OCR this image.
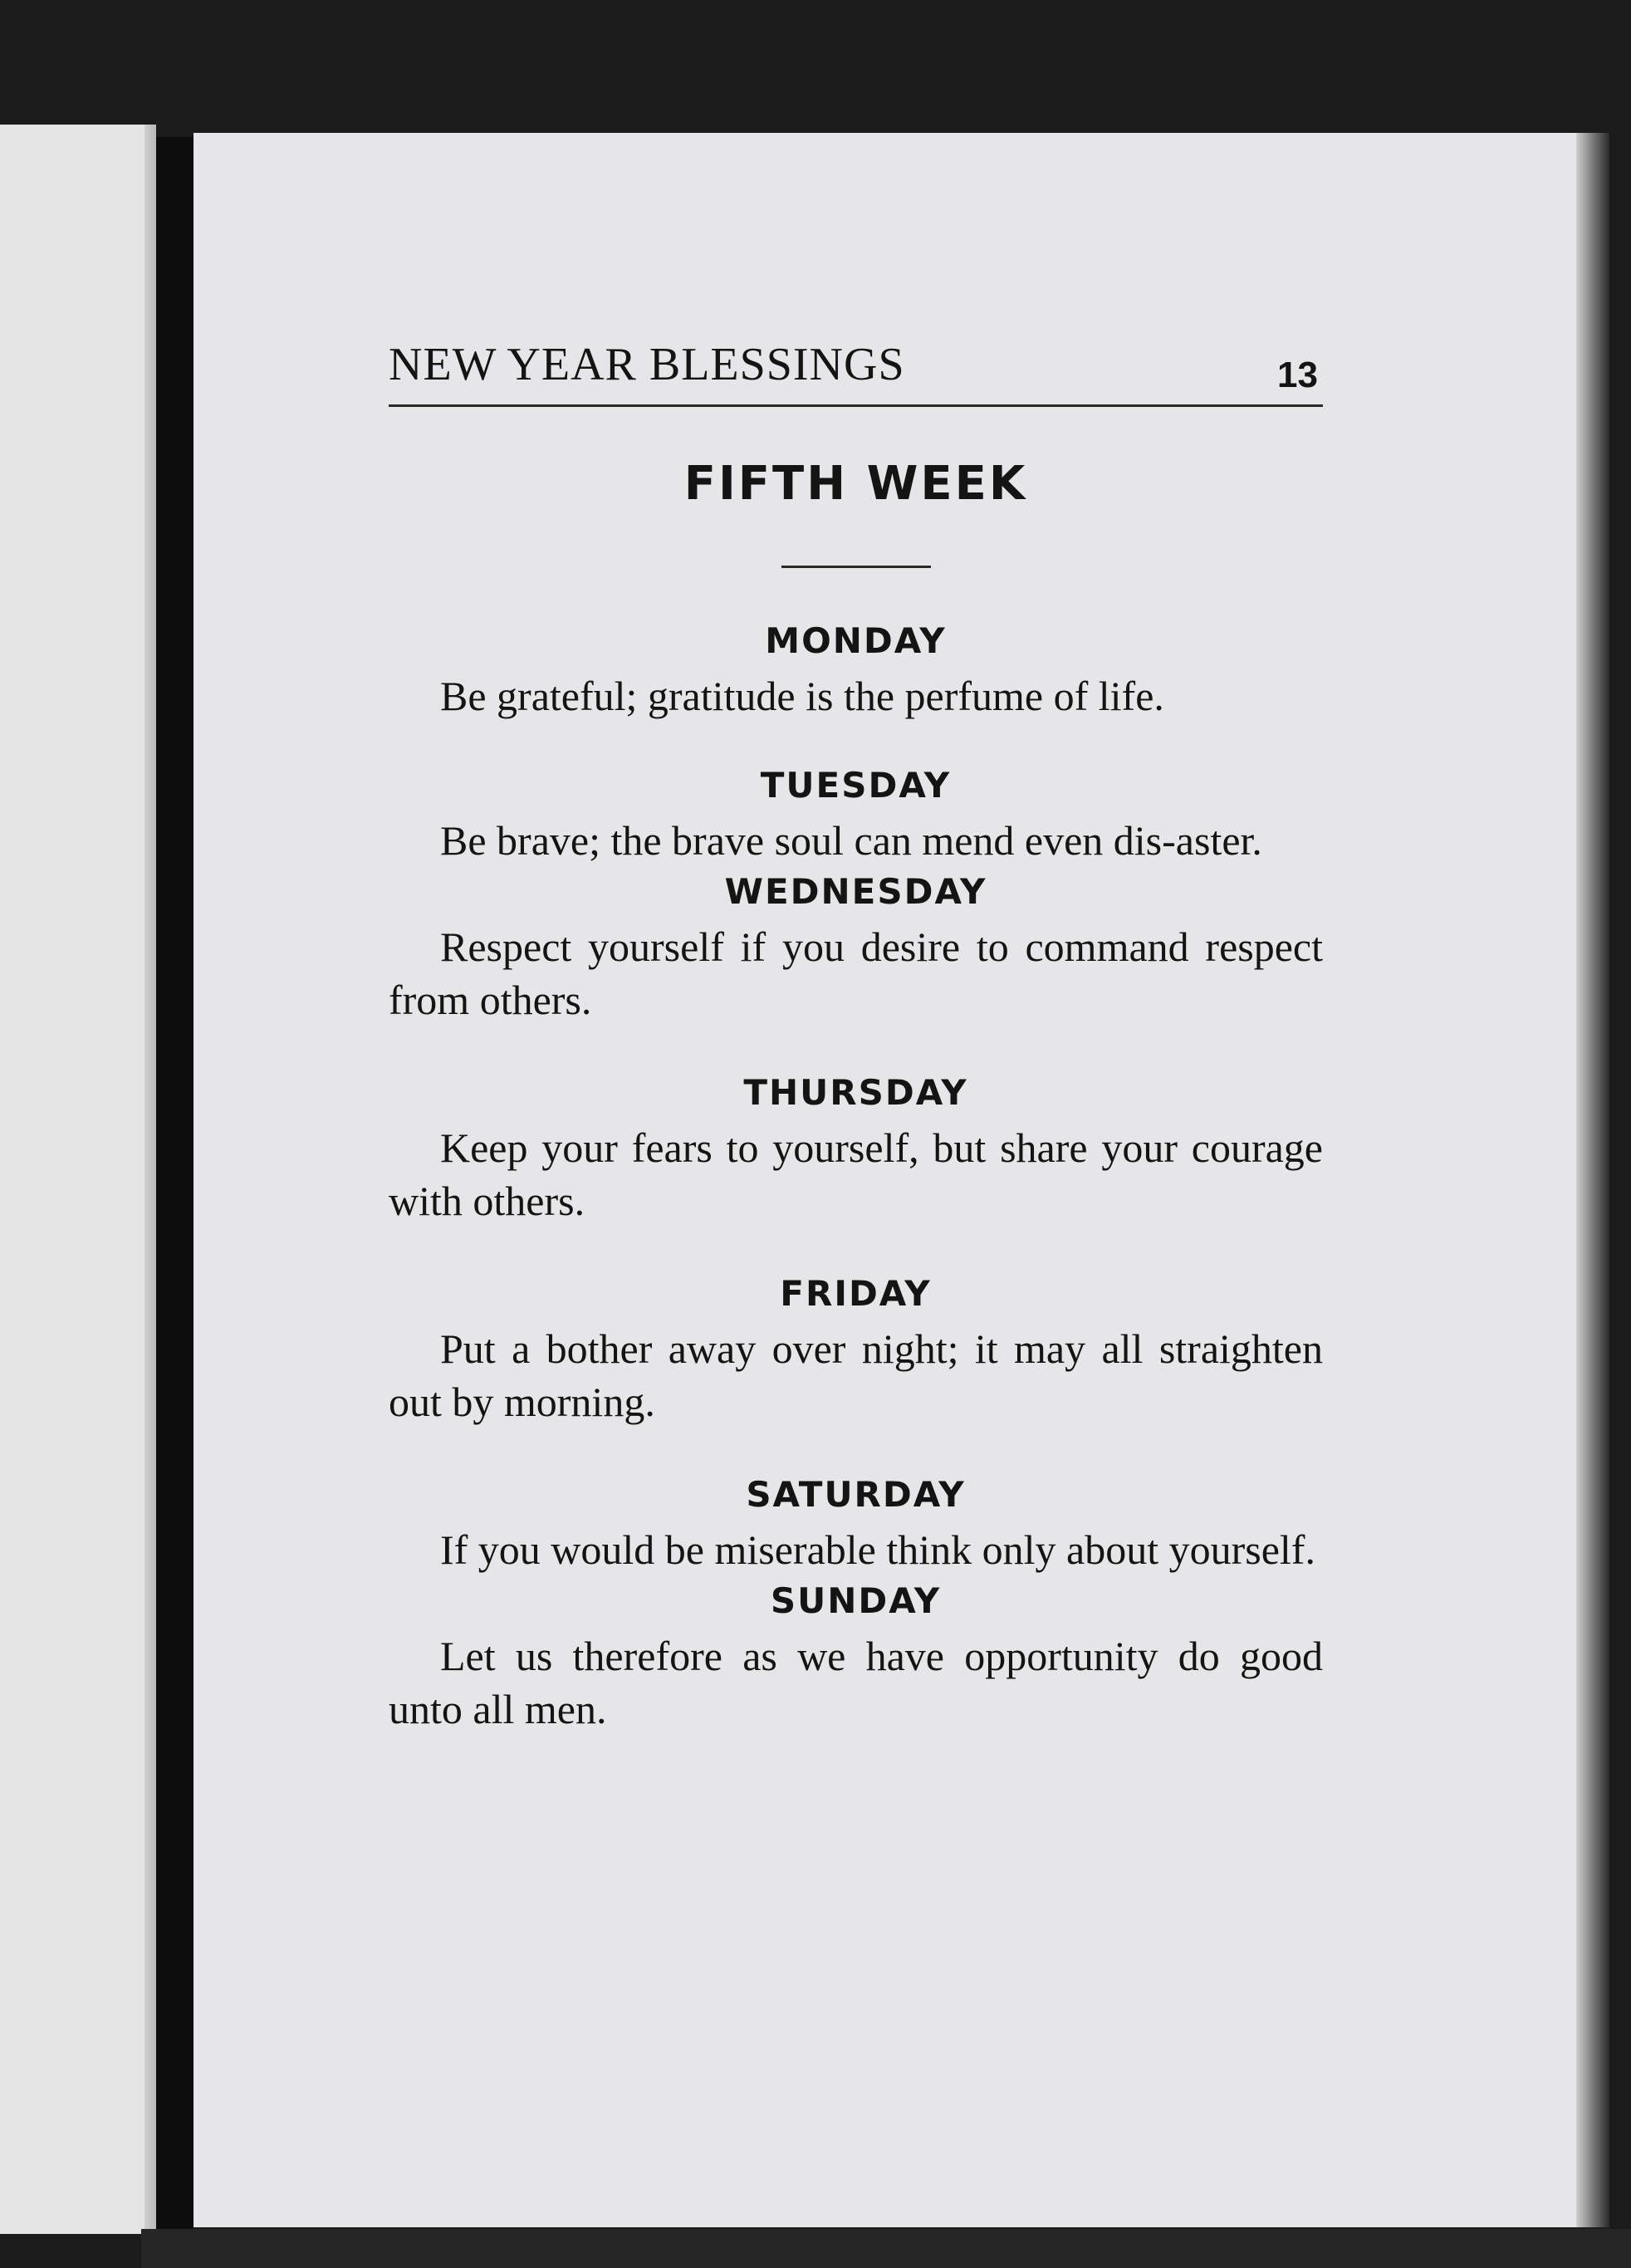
NEW YEAR BLESSINGS	13
FIFTH WEEK
MONDAY

Be grateful; gratitude is the perfume of life.

TUESDAY

Be brave; the brave soul can mend even dis-aster.

WEDNESDAY

Respect yourself if you desire to command respect from others.

THURSDAY

Keep your fears to yourself, but share your courage with others.

FRIDAY

Put a bother away over night; it may all straighten out by morning.

SATURDAY

If you would be miserable think only about yourself.

SUNDAY

Let us therefore as we have opportunity do good unto all men.
